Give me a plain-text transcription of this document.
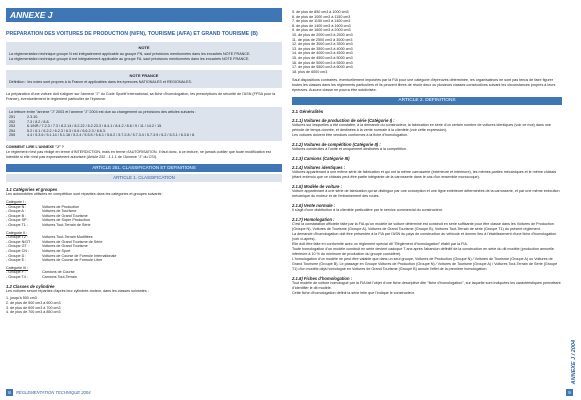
ANNEXE J
PREPARATION DES VOITURES DE PRODUCTION (N/FN), TOURISME (A/FA) ET GRAND TOURISME (B)
NOTE
La réglementation technique groupe N est intégralement applicable au groupe FN, sauf précisions mentionnées dans les encadrés NOTE FRANCE.
La réglementation technique groupe A est intégralement applicable au groupe FA, sauf précisions mentionnées dans les encadrés NOTE FRANCE.
NOTE FRANCE
Définition : les notes sont propres à la France et applicables dans les épreuves NATIONALES et REGIONALES.
La préparation d'une voiture doit s'aligner sur l'annexe "J" du Code Sportif International, sa fiche d'homologation, les prescriptions de sécurité de l'ASN (FFSA pour la France), éventuellement le règlement particulier de l'épreuve.
La lettrure entre "annexe "J" 2003 et l'annexe "J" 2004 est due au changement ou précisions des articles suivants :
251	2.3.10.
252	7.3 / 8.2 / 8.8.
253	6.1/NR / 7.2.3 / 7.3 / 8.2.14 / 8.2.22 / 8.2.23.3 / 8.4.1 / 8.4.2 / 8.6 / 9 / 11 / 14.2 / 15.
254	5.2 / 6.1 / 6.2.2 / 6.2.3 / 6.3 / 6.6 / 6.6.2.3 / 6.6.3.
255	4.4 / 5.3.6 / 5.1.14 / 5.1.16 / 5.2.4 / 5.5.5 / 5.6.1 / 5.6.2 / 5.7.2.8 / 5.7.3.4 / 5.7.3.9 / 6.2 / 6.3.1 / 6.3.6 / 8.
COMMENT LIRE L'ANNEXE "J" ?
Le règlement n'est pas rédigé en terme d'INTERDICTION, mais en terme d'AUTORISATION. Il faut donc, à ce lecture, ne jamais oublier que toute modification est interdite si elle n'est pas expressément autorisée (Article 252 - 1.1.1 de l'Annexe "J" du CSI).
ARTICLE 251. CLASSIFICATION ET DEFINITIONS
ARTICLE 1. CLASSIFICATION
1.1 Catégories et groupes
Les automobiles utilisées en compétition sont réparties dans les catégories et groupes suivants :
Catégorie I :
- Groupe N :	Voitures de Production
- Groupe A :	Voitures de Tourisme
- Groupe B :	Voitures de Grand Tourisme
- Groupe SP :	Voitures de Super Production
- Groupe T1 :	Voitures Tout-Terrain de Série
Catégorie II :
- Groupe T2 :	Voitures Tout-Terrain Modifiées
- Groupe N/GT :	Voitures de Grand Tourisme de Série
- Groupe GT :	Voitures de Grand Tourisme
- Groupe CN :	Voitures de Sport
- Groupe D :	Voitures de Course de Formule Internationale
- Groupe E :	Voitures de Course de Formule Libre
Catégorie III :
- Groupe F :	Camions de Course
- Groupe T4 :	Camions Tout-Terrain
1.2 Classes de cylindrée
Les voitures seront réparties d'après leur cylindrée-moteur, dans les classes suivantes :
1. jusqu'à 500 cm3
2. de plus de 500 cm3 à 600 cm3
3. de plus de 600 cm3 à 700 cm3
4. de plus de 700 cm3 à 850 cm3
8	RÉGLEMENTATION TECHNIQUE 2004
5. de plus de 850 cm3 à 1000 cm3
6. de plus de 1000 cm3 à 1150 cm3
7. de plus de 1150 cm3 à 1400 cm3
8. de plus de 1400 cm3 à 1600 cm3
9. de plus de 1600 cm3 à 2000 cm3
10. de plus de 2000 cm3 à 2500 cm3
11. de plus de 2500 cm3 à 3000 cm3
12. de plus de 3000 cm3 à 3500 cm3
13. de plus de 3500 cm3 à 4000 cm3
14. de plus de 4000 cm3 à 4500 cm3
15. de plus de 4500 cm3 à 5000 cm3
16. de plus de 5000 cm3 à 5500 cm3
17. de plus de 5500 cm3 à 6000 cm3
18. plus de 6000 cm3
Sauf dispositions contraires, éventuellement imposées par la FIA pour une catégorie d'épreuves déterminée, les organisateurs ne sont pas tenus de faire figurer toutes les classes dans les règlements particuliers et ils peuvent libres de réunir deux ou plusieurs classes consécutives suivant les circonstances propres à leurs épreuves. Aucune classe ne pourra être subdivisée.
ARTICLE 2. DEFINITIONS
2.1 Généralités
2.1.1) Voitures de production de série (Catégorie I) :
Voitures sur lesquelles a été constatée, à la demande du constructeur, la fabrication en série d'un certain nombre de voitures identiques (voir ce mot) dans une période de temps donnée, et destinées à la vente normale à la clientèle (voir cette expression).
Les voitures doivent être vendues conformes à la fiche d'homologation.
2.1.2) Voitures de compétition (Catégorie II) :
Voitures construites à l'unité et uniquement destinées à la compétition.
2.1.3) Camions (Catégorie III)
2.1.4) Voitures identiques :
Voitures appartenant à une même série de fabrication et qui ont la même carrosserie (extérieure et intérieure), les mêmes parties mécaniques et le même châssis (étant entendu que ce châssis peut être partie intégrante de la carrosserie dans le cas d'un ensemble monocoque).
2.1.5) Modèle de voiture :
Voiture appartenant à une série de fabrication qui se distingue par une conception et une ligne extérieure déterminées de la carrosserie, et par une même exécution mécanique du moteur et de l'entraînement des roues.
2.1.6) Vente normale :
Il s'agit d'une distribution à la clientèle particulière par le service commercial du constructeur.
2.1.7) Homologation :
C'est la constatation officielle faite par la FIA qu'un modèle de voiture déterminé est construit en série suffisante pour être classé dans les Voitures de Production (Groupe N), Voitures de Tourisme (Groupe A), Voitures de Grand Tourisme (Groupe B), Voitures Tout-Terrain de série (Groupe T1) du présent règlement.
La demande d'homologation doit être présentée à la FIA par l'ASN du pays de construction du véhicule et donner lieu à l'établissement d'une fiche d'homologation (voir ci-après).
Elle doit être faite en conformité avec un règlement spécial dit "Règlement d'homologation" établi par la FIA.
Toute homologation d'un modèle construit en série devient caduque 7 ans après l'abandon définitif de la construction en série du dit modèle (production annuelle inférieure à 10 % du minimum de production du groupe considéré).
L'homologation d'un modèle ne peut être valable que dans un seul groupe, Voitures de Production (Groupe N) / Voitures de Tourisme (Groupe A) ou Voitures de Grand Tourisme (Groupe B). Le passage en Groupe Voitures de Production (Groupe N) / Voitures de Tourisme (Groupe A) / Voitures Tout-Terrain de Série (Groupe T1) d'un modèle déjà homologué en Voitures de Grand Tourisme (Groupe B) annule l'effet de la première homologation.
2.1.8) Fiches d'homologation :
Tout modèle de voiture homologué par la FIA fait l'objet d'une fiche descriptive dite "fiche d'homologation", sur laquelle sont indiquées les caractéristiques permettant d'identifier le dit modèle.
Cette fiche d'homologation définit la série telle que l'indique le constructeur.
ANNEXE J / 2004
9
